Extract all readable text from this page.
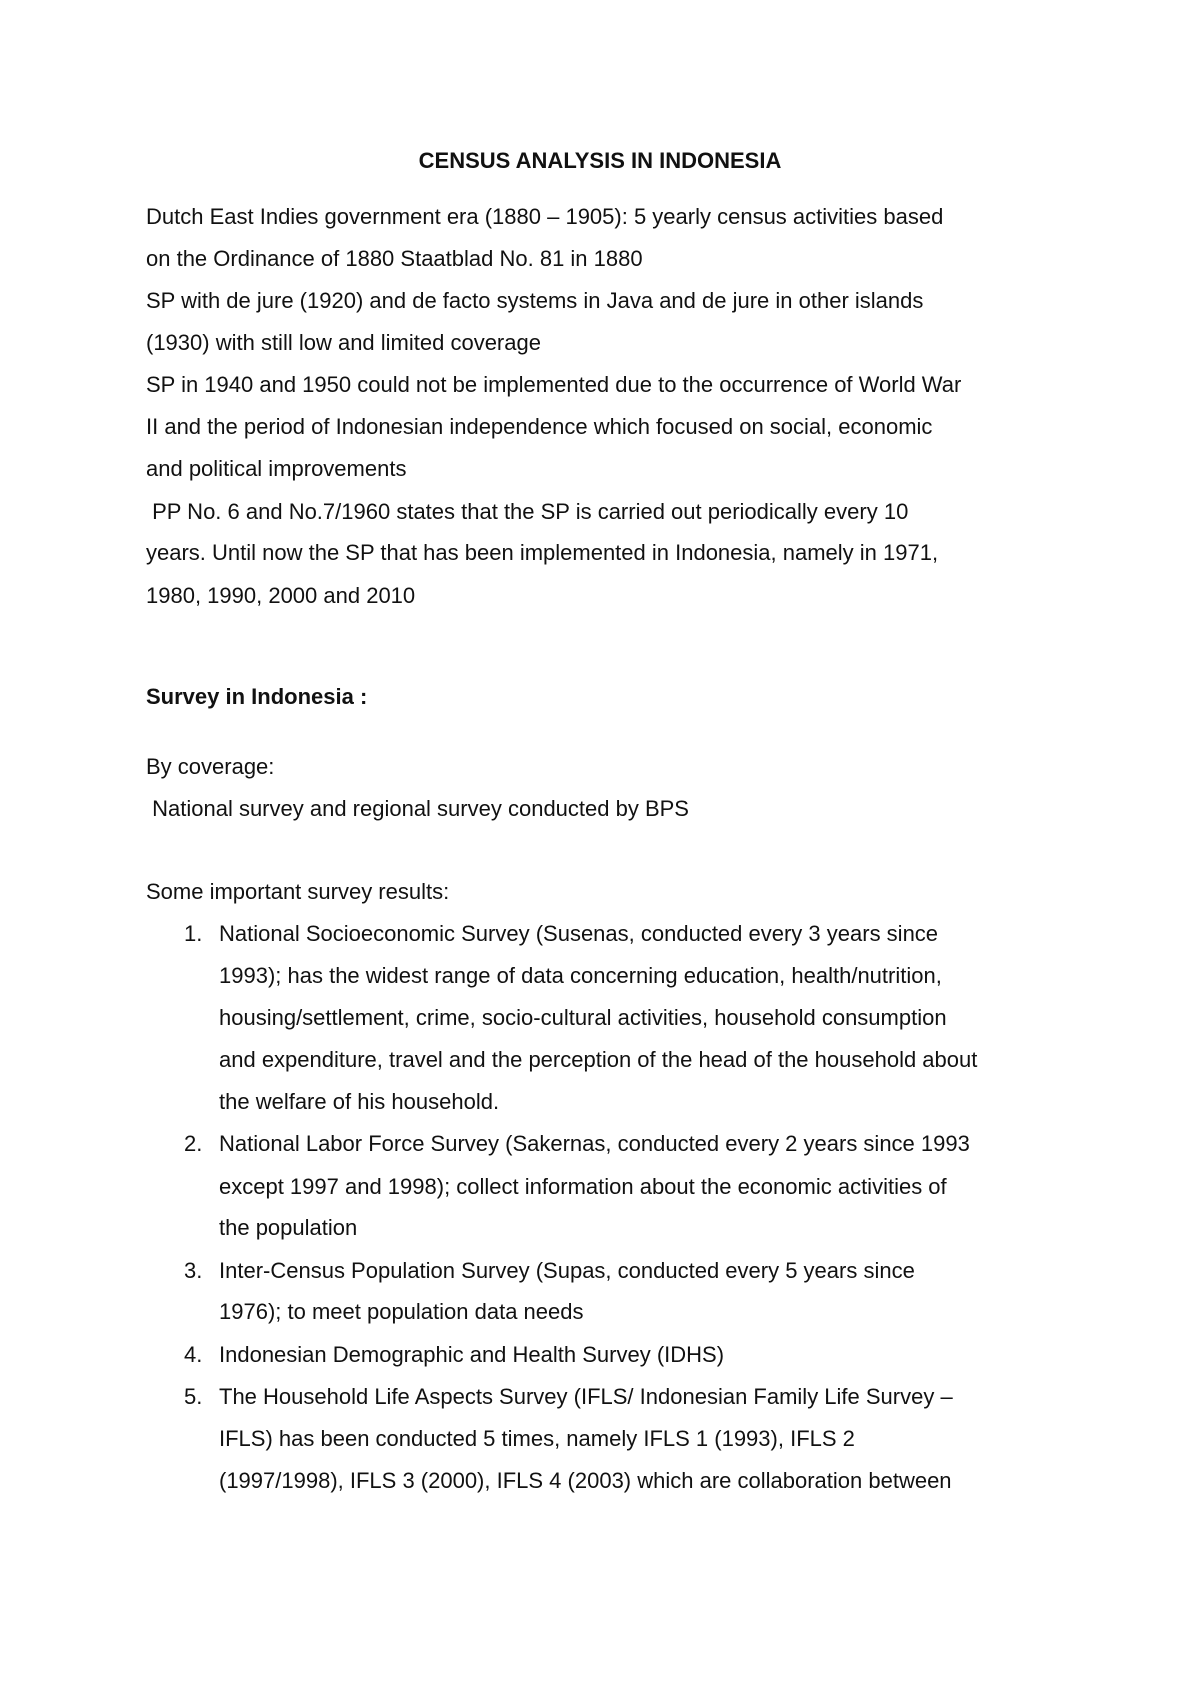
CENSUS ANALYSIS IN INDONESIA
Dutch East Indies government era (1880 – 1905): 5 yearly census activities based
on the Ordinance of 1880 Staatblad No. 81 in 1880
SP with de jure (1920) and de facto systems in Java and de jure in other islands
(1930) with still low and limited coverage
SP in 1940 and 1950 could not be implemented due to the occurrence of World War
II and the period of Indonesian independence which focused on social, economic
and political improvements
PP No. 6 and No.7/1960 states that the SP is carried out periodically every 10
years. Until now the SP that has been implemented in Indonesia, namely in 1971,
1980, 1990, 2000 and 2010
Survey in Indonesia :
By coverage:
National survey and regional survey conducted by BPS
Some important survey results:
1. National Socioeconomic Survey (Susenas, conducted every 3 years since
1993); has the widest range of data concerning education, health/nutrition,
housing/settlement, crime, socio-cultural activities, household consumption
and expenditure, travel and the perception of the head of the household about
the welfare of his household.
2. National Labor Force Survey (Sakernas, conducted every 2 years since 1993
except 1997 and 1998); collect information about the economic activities of
the population
3. Inter-Census Population Survey (Supas, conducted every 5 years since
1976); to meet population data needs
4. Indonesian Demographic and Health Survey (IDHS)
5. The Household Life Aspects Survey (IFLS/ Indonesian Family Life Survey –
IFLS) has been conducted 5 times, namely IFLS 1 (1993), IFLS 2
(1997/1998), IFLS 3 (2000), IFLS 4 (2003) which are collaboration between
